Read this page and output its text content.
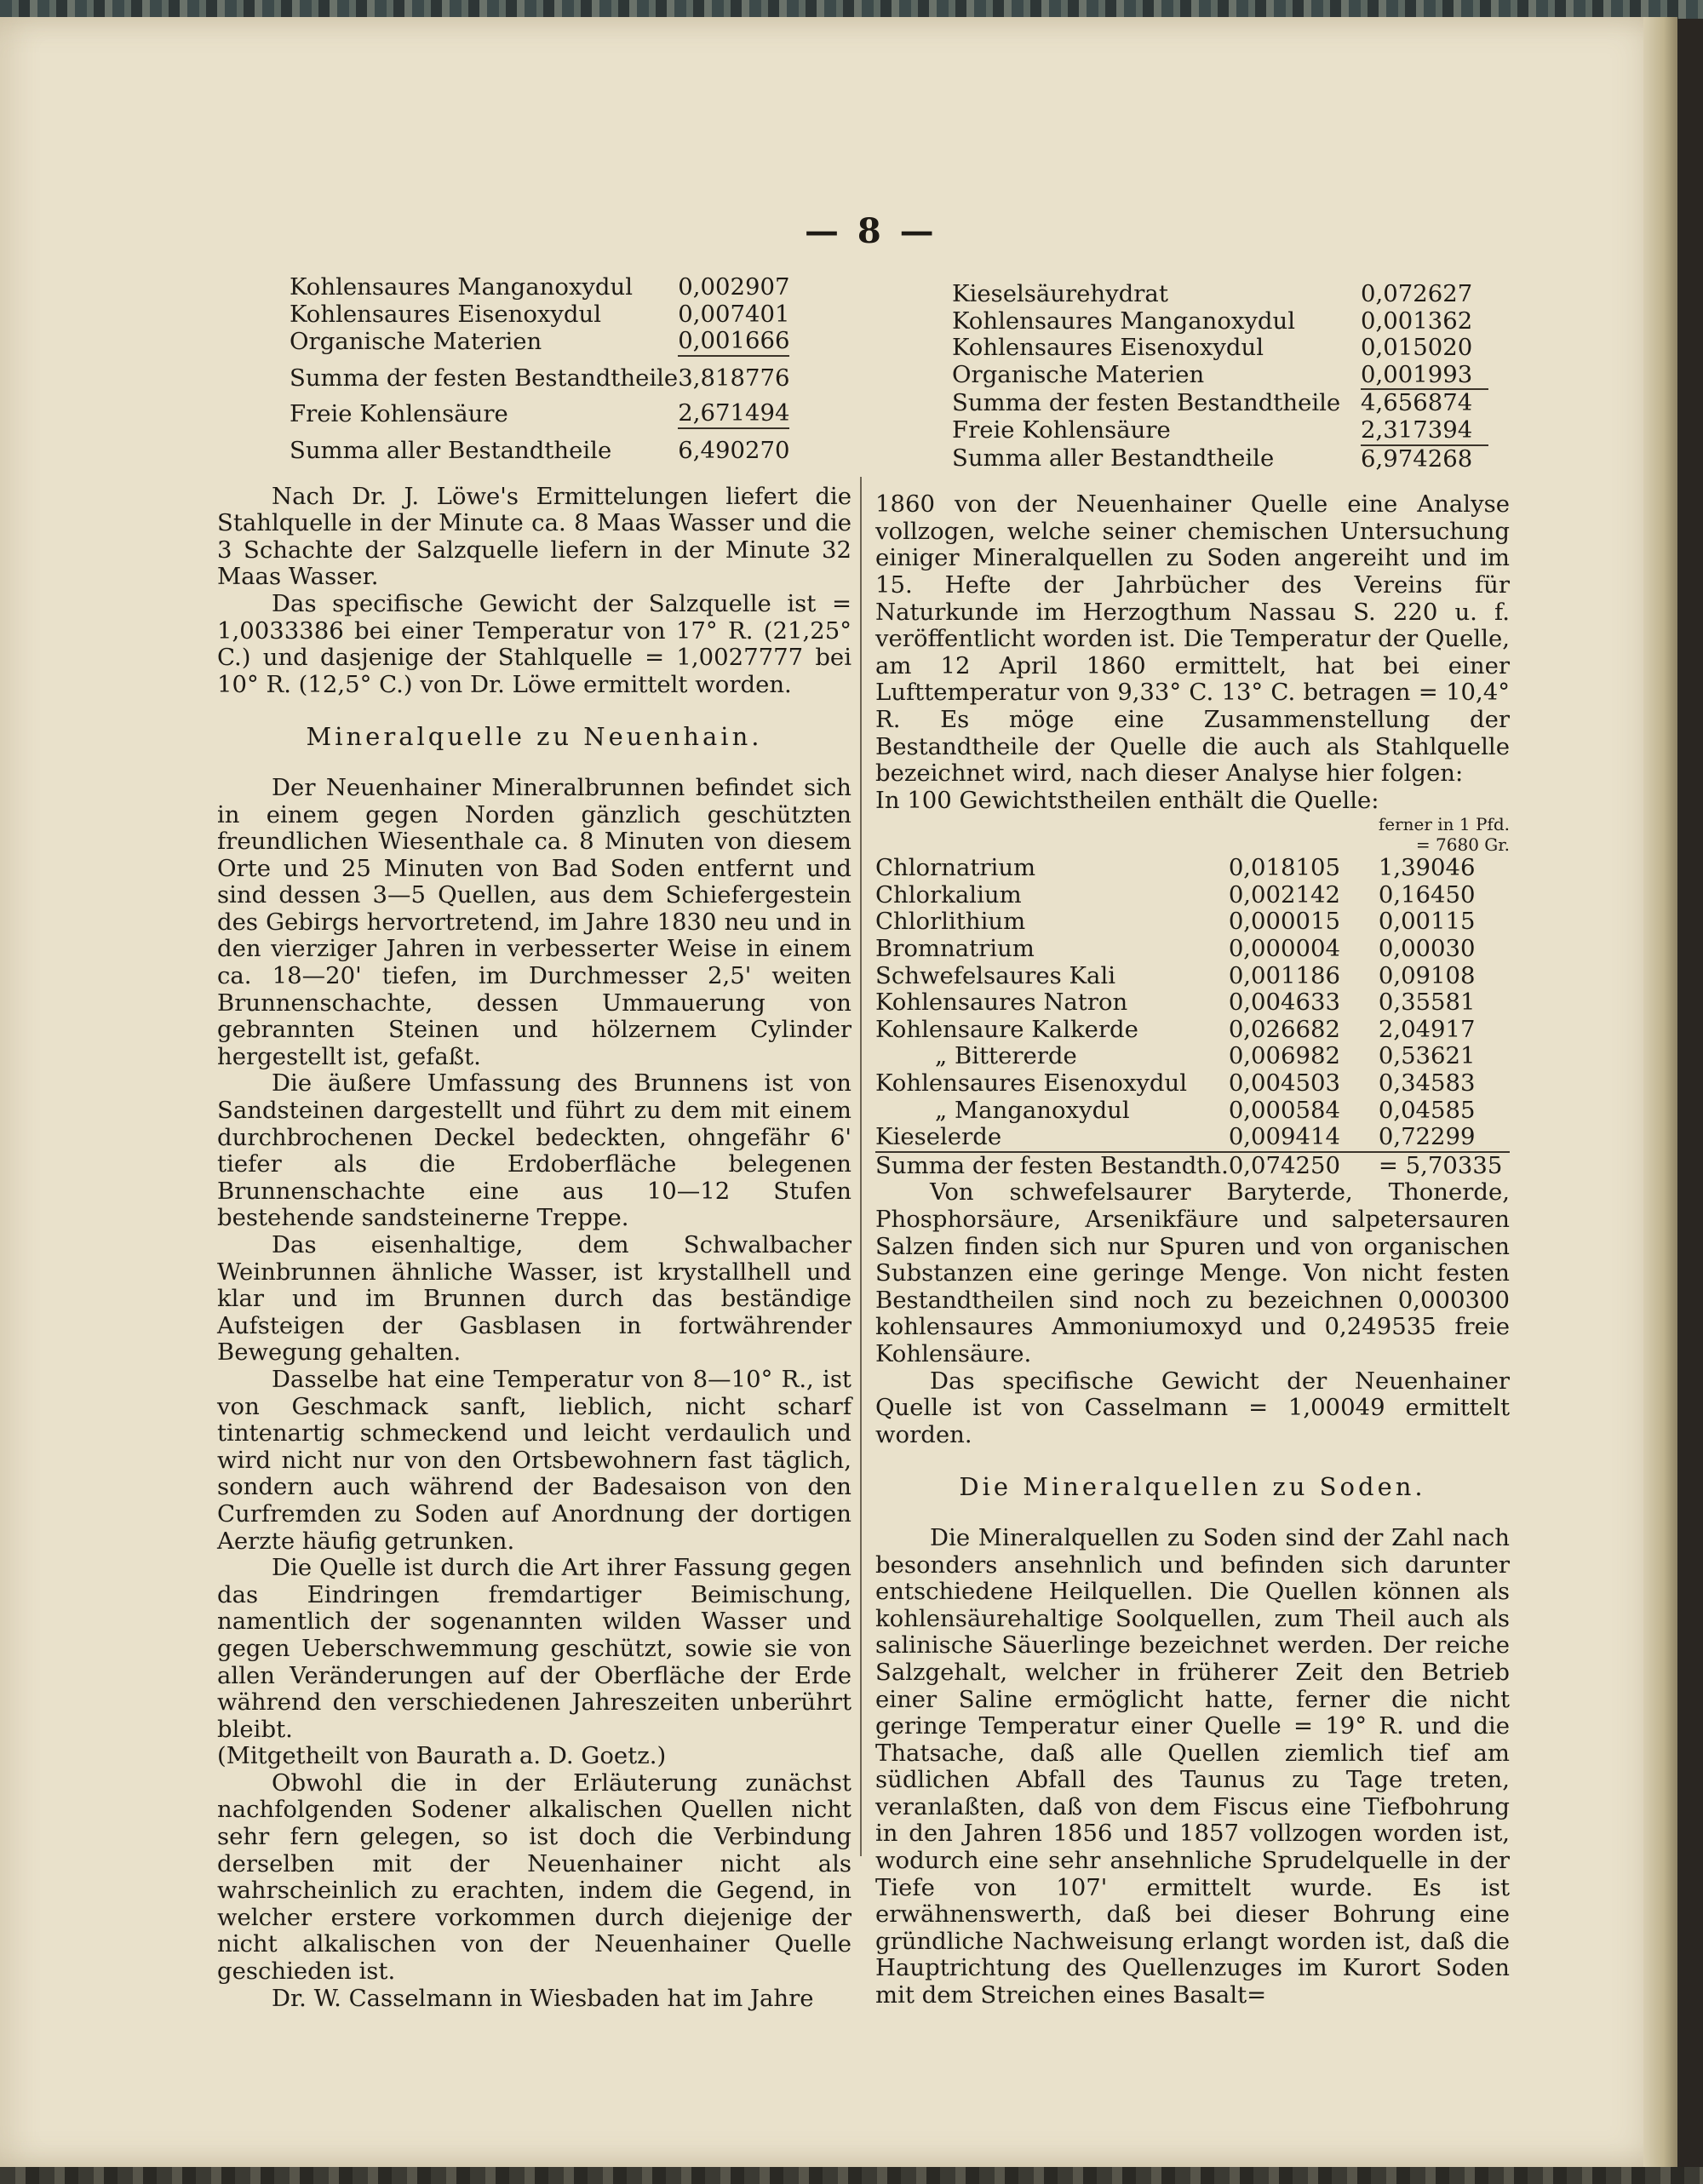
— 8 —
Kohlensaures Manganoxydul	0,002907
Kohlensaures Eisenoxydul	0,007401
Organische Materien	0,001666

Summa der festen Bestandtheile	3,818776

Freie Kohlensäure	2,671494

Summa aller Bestandtheile	6,490270

Nach Dr. J. Löwe's Ermittelungen liefert die Stahlquelle in der Minute ca. 8 Maas Wasser und die 3 Schachte der Salzquelle liefern in der Minute 32 Maas Wasser.

Das specifische Gewicht der Salzquelle ist = 1,0033386 bei einer Temperatur von 17° R. (21,25° C.) und dasjenige der Stahlquelle = 1,0027777 bei 10° R. (12,5° C.) von Dr. Löwe ermittelt worden.

Mineralquelle zu Neuenhain.

Der Neuenhainer Mineralbrunnen befindet sich in einem gegen Norden gänzlich geschützten freundlichen Wiesenthale ca. 8 Minuten von diesem Orte und 25 Minuten von Bad Soden entfernt und sind dessen 3—5 Quellen, aus dem Schiefergestein des Gebirgs hervortretend, im Jahre 1830 neu und in den vierziger Jahren in verbesserter Weise in einem ca. 18—20' tiefen, im Durchmesser 2,5' weiten Brunnenschachte, dessen Ummauerung von gebrannten Steinen und hölzernem Cylinder hergestellt ist, gefaßt.

Die äußere Umfassung des Brunnens ist von Sandsteinen dargestellt und führt zu dem mit einem durchbrochenen Deckel bedeckten, ohngefähr 6' tiefer als die Erdoberfläche belegenen Brunnenschachte eine aus 10—12 Stufen bestehende sandsteinerne Treppe.

Das eisenhaltige, dem Schwalbacher Weinbrunnen ähnliche Wasser, ist krystallhell und klar und im Brunnen durch das beständige Aufsteigen der Gasblasen in fortwährender Bewegung gehalten.

Dasselbe hat eine Temperatur von 8—10° R., ist von Geschmack sanft, lieblich, nicht scharf tintenartig schmeckend und leicht verdaulich und wird nicht nur von den Ortsbewohnern fast täglich, sondern auch während der Badesaison von den Curfremden zu Soden auf Anordnung der dortigen Aerzte häufig getrunken.

Die Quelle ist durch die Art ihrer Fassung gegen das Eindringen fremdartiger Beimischung, namentlich der sogenannten wilden Wasser und gegen Ueberschwemmung geschützt, sowie sie von allen Veränderungen auf der Oberfläche der Erde während den verschiedenen Jahreszeiten unberührt bleibt.

(Mitgetheilt von Baurath a. D. Goetz.)

Obwohl die in der Erläuterung zunächst nachfolgenden Sodener alkalischen Quellen nicht sehr fern gelegen, so ist doch die Verbindung derselben mit der Neuenhainer nicht als wahrscheinlich zu erachten, indem die Gegend, in welcher erstere vorkommen durch diejenige der nicht alkalischen von der Neuenhainer Quelle geschieden ist.

Dr. W. Casselmann in Wiesbaden hat im Jahre

Kieselsäurehydrat	0,072627
Kohlensaures Manganoxydul	0,001362
Kohlensaures Eisenoxydul	0,015020
Organische Materien	0,001993
Summa der festen Bestandtheile	4,656874
Freie Kohlensäure	2,317394
Summa aller Bestandtheile	6,974268

1860 von der Neuenhainer Quelle eine Analyse vollzogen, welche seiner chemischen Untersuchung einiger Mineralquellen zu Soden angereiht und im 15. Hefte der Jahrbücher des Vereins für Naturkunde im Herzogthum Nassau S. 220 u. f. veröffentlicht worden ist. Die Temperatur der Quelle, am 12 April 1860 ermittelt, hat bei einer Lufttemperatur von 9,33° C. 13° C. betragen = 10,4° R. Es möge eine Zusammenstellung der Bestandtheile der Quelle die auch als Stahlquelle bezeichnet wird, nach dieser Analyse hier folgen:

In 100 Gewichtstheilen enthält die Quelle:

		ferner in 1 Pfd.
		= 7680 Gr.
Chlornatrium	0,018105	1,39046
Chlorkalium	0,002142	0,16450
Chlorlithium	0,000015	0,00115
Bromnatrium	0,000004	0,00030
Schwefelsaures Kali	0,001186	0,09108
Kohlensaures Natron	0,004633	0,35581
Kohlensaure Kalkerde	0,026682	2,04917
„ Bittererde	0,006982	0,53621
Kohlensaures Eisenoxydul	0,004503	0,34583
„ Manganoxydul	0,000584	0,04585
Kieselerde	0,009414	0,72299
Summa der festen Bestandth.	0,074250	= 5,70335

Von schwefelsaurer Baryterde, Thonerde, Phosphorsäure, Arsenikfäure und salpetersauren Salzen finden sich nur Spuren und von organischen Substanzen eine geringe Menge. Von nicht festen Bestandtheilen sind noch zu bezeichnen 0,000300 kohlensaures Ammoniumoxyd und 0,249535 freie Kohlensäure.

Das specifische Gewicht der Neuenhainer Quelle ist von Casselmann = 1,00049 ermittelt worden.

Die Mineralquellen zu Soden.

Die Mineralquellen zu Soden sind der Zahl nach besonders ansehnlich und befinden sich darunter entschiedene Heilquellen. Die Quellen können als kohlensäurehaltige Soolquellen, zum Theil auch als salinische Säuerlinge bezeichnet werden. Der reiche Salzgehalt, welcher in früherer Zeit den Betrieb einer Saline ermöglicht hatte, ferner die nicht geringe Temperatur einer Quelle = 19° R. und die Thatsache, daß alle Quellen ziemlich tief am südlichen Abfall des Taunus zu Tage treten, veranlaßten, daß von dem Fiscus eine Tiefbohrung in den Jahren 1856 und 1857 vollzogen worden ist, wodurch eine sehr ansehnliche Sprudelquelle in der Tiefe von 107' ermittelt wurde. Es ist erwähnenswerth, daß bei dieser Bohrung eine gründliche Nachweisung erlangt worden ist, daß die Hauptrichtung des Quellenzuges im Kurort Soden mit dem Streichen eines Basalt=
